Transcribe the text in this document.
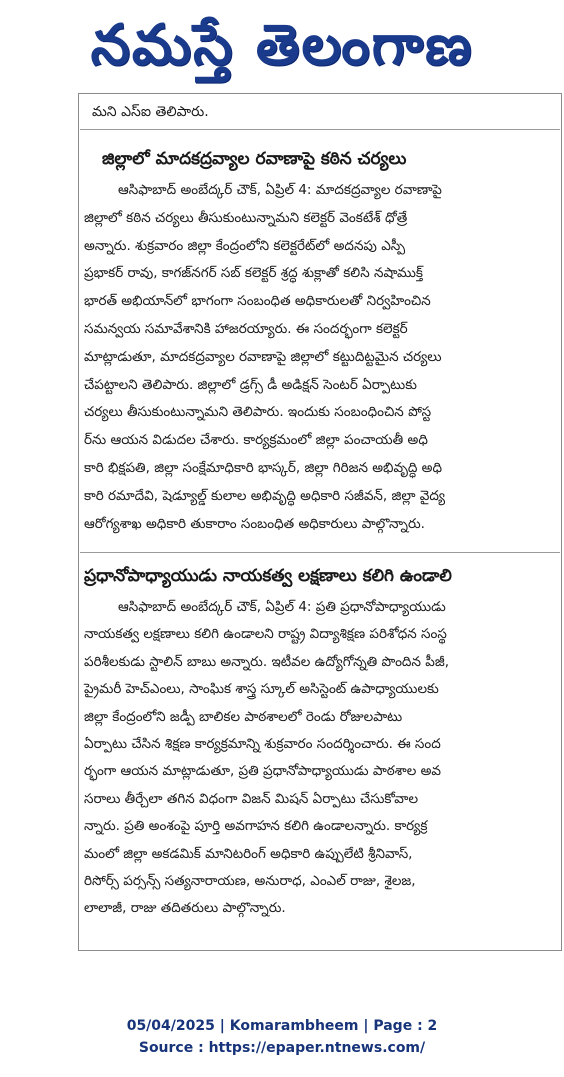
నమస్తే తెలంగాణ
మని ఎస్ఐ తెలిపారు.
జిల్లాలో మాదకద్రవ్యాల రవాణాపై కఠిన చర్యలు
ఆసిఫాబాద్ అంబేద్కర్ చౌక్, ఏప్రిల్ 4: మాదకద్రవ్యాల రవాణాపై
జిల్లాలో కఠిన చర్యలు తీసుకుంటున్నామని కలెక్టర్ వెంకటేశ్ ధోత్రే
అన్నారు. శుక్రవారం జిల్లా కేంద్రంలోని కలెక్టరేట్‌లో అదనపు ఎస్పీ
ప్రభాకర్ రావు, కాగజ్‌నగర్ సబ్ కలెక్టర్ శ్రద్ధ శుక్లాతో కలిసి నషాముక్త్
భారత్ అభియాన్‌లో భాగంగా సంబంధిత అధికారులతో నిర్వహించిన
సమన్వయ సమావేశానికి హాజరయ్యారు. ఈ సందర్భంగా కలెక్టర్
మాట్లాడుతూ, మాదకద్రవ్యాల రవాణాపై జిల్లాలో కట్టుదిట్టమైన చర్యలు
చేపట్టాలని తెలిపారు. జిల్లాలో డ్రగ్స్ డీ అడిక్షన్ సెంటర్ ఏర్పాటుకు
చర్యలు తీసుకుంటున్నామని తెలిపారు. ఇందుకు సంబంధించిన పోస్ట
ర్‌ను ఆయన విడుదల చేశారు. కార్యక్రమంలో జిల్లా పంచాయతీ అధి
కారి భిక్షపతి, జిల్లా సంక్షేమాధికారి భాస్కర్, జిల్లా గిరిజన అభివృద్ధి అధి
కారి రమాదేవి, షెడ్యూల్డ్ కులాల అభివృద్ధి అధికారి సజీవన్, జిల్లా వైద్య
ఆరోగ్యశాఖ అధికారి తుకారాం సంబంధిత అధికారులు పాల్గొన్నారు.
ప్రధానోపాధ్యాయుడు నాయకత్వ లక్షణాలు కలిగి ఉండాలి
ఆసిఫాబాద్ అంబేద్కర్ చౌక్, ఏప్రిల్ 4: ప్రతి ప్రధానోపాధ్యాయుడు
నాయకత్వ లక్షణాలు కలిగి ఉండాలని రాష్ట్ర విద్యాశిక్షణ పరిశోధన సంస్థ
పరిశీలకుడు స్టాలిన్ బాబు అన్నారు. ఇటీవల ఉద్యోగోన్నతి పొందిన పీజీ,
ప్రైమరీ హెచ్ఎంలు, సాంఘిక శాస్త్ర స్కూల్ అసిస్టెంట్ ఉపాధ్యాయులకు
జిల్లా కేంద్రంలోని జడ్పీ బాలికల పాఠశాలలో రెండు రోజులపాటు
ఏర్పాటు చేసిన శిక్షణ కార్యక్రమాన్ని శుక్రవారం సందర్శించారు. ఈ సంద
ర్భంగా ఆయన మాట్లాడుతూ, ప్రతి ప్రధానోపాధ్యాయుడు పాఠశాల అవ
సరాలు తీర్చేలా తగిన విధంగా విజన్ మిషన్ ఏర్పాటు చేసుకోవాల
న్నారు. ప్రతి అంశంపై పూర్తి అవగాహన కలిగి ఉండాలన్నారు. కార్యక్ర
మంలో జిల్లా అకడమిక్ మానిటరింగ్ అధికారి ఉప్పులేటి శ్రీనివాస్,
రిసోర్స్ పర్సన్స్ సత్యనారాయణ, అనురాధ, ఎంఎల్ రాజు, శైలజ,
లాలాజీ, రాజు తదితరులు పాల్గొన్నారు.
05/04/2025 | Komarambheem | Page : 2
Source : https://epaper.ntnews.com/
